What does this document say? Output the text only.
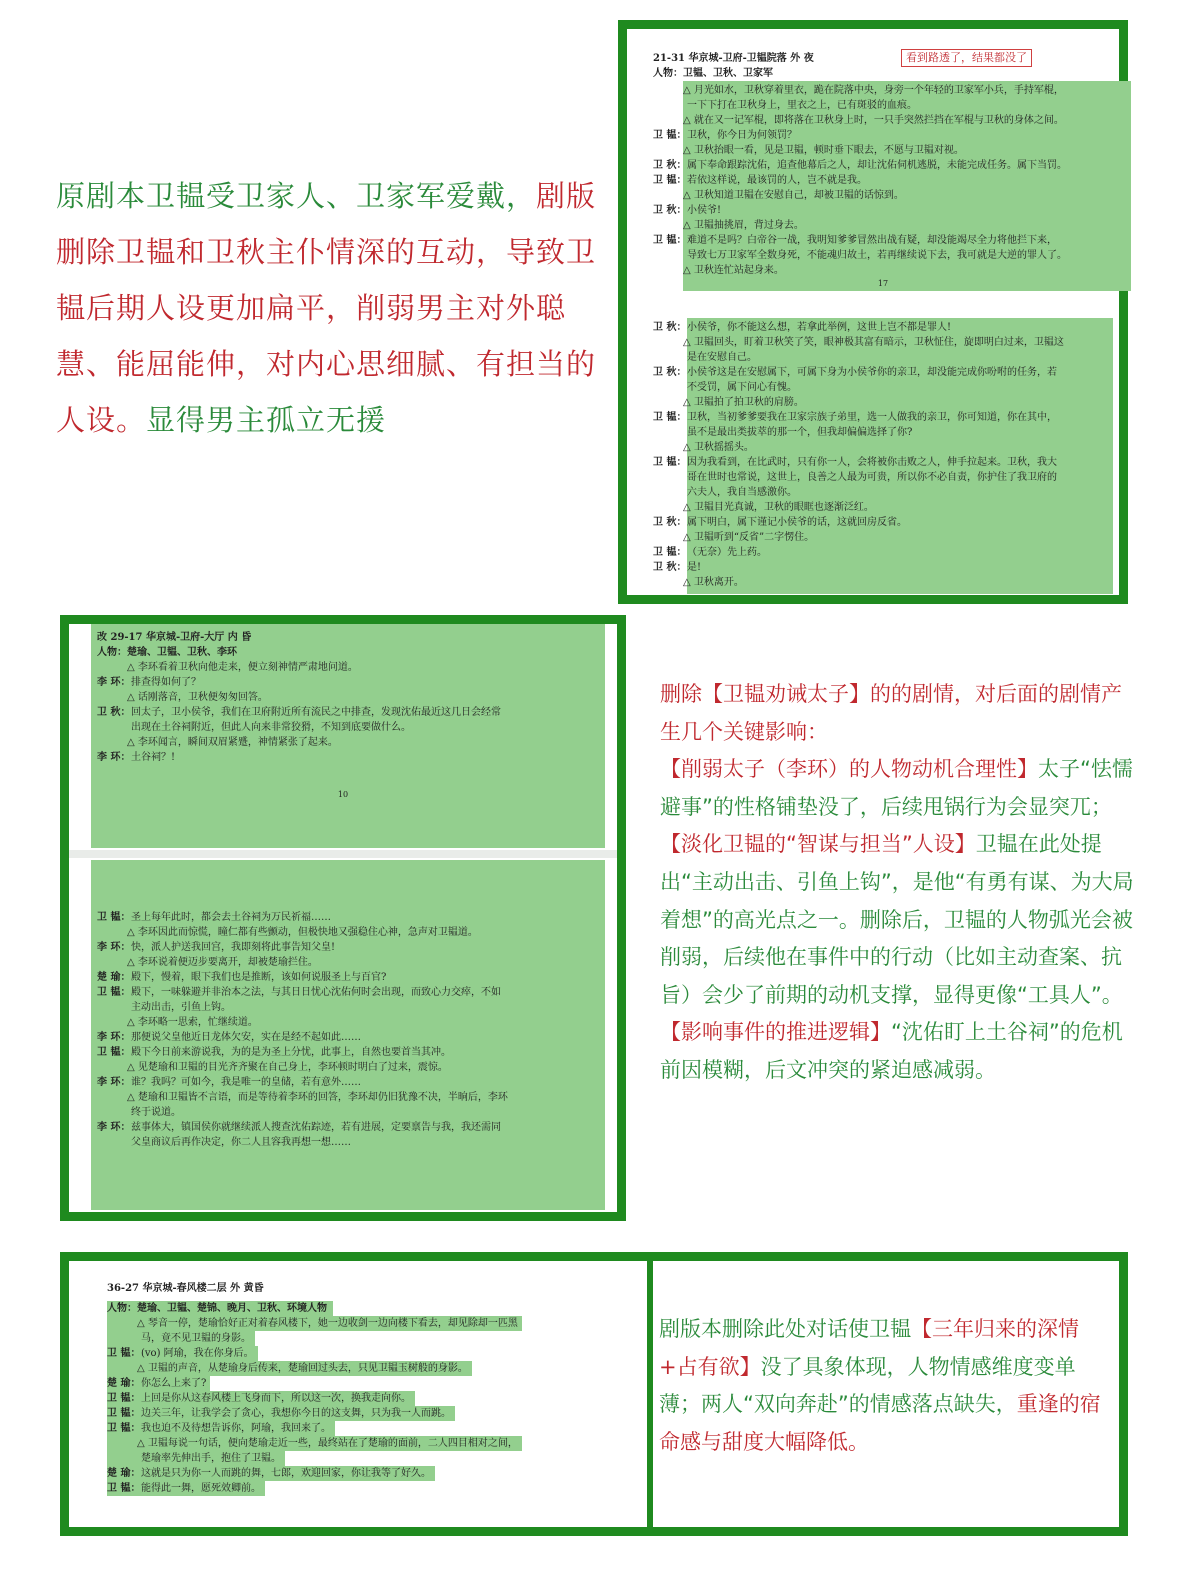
原剧本卫韫受卫家人、卫家军爱戴，剧版删除卫韫和卫秋主仆情深的互动，导致卫韫后期人设更加扁平，削弱男主对外聪慧、能屈能伸，对内心思细腻、有担当的人设。显得男主孤立无援
21-31 华京城-卫府-卫韫院落 外 夜
人物：卫韫、卫秋、卫家军
看到路透了，结果都没了
△ 月光如水，卫秋穿着里衣，跪在院落中央，身旁一个年轻的卫家军小兵，手持军棍，
一下下打在卫秋身上，里衣之上，已有斑驳的血痕。
△ 就在又一记军棍，即将落在卫秋身上时，一只手突然拦挡在军棍与卫秋的身体之间。
卫 韫：卫秋，你今日为何领罚？
△ 卫秋抬眼一看，见是卫韫，顿时垂下眼去，不愿与卫韫对视。
卫 秋：属下奉命跟踪沈佑，追查他幕后之人，却让沈佑伺机逃脱，未能完成任务。属下当罚。
卫 韫：若依这样说，最该罚的人，岂不就是我。
△ 卫秋知道卫韫在安慰自己，却被卫韫的话惊到。
卫 秋：小侯爷!
△ 卫韫抽挑眉，背过身去。
卫 韫：难道不是吗？白帝谷一战，我明知爹爹冒然出战有疑，却没能竭尽全力将他拦下来，
导致七万卫家军全数身死，不能魂归故土，若再继续说下去，我可就是大逆的罪人了。
△ 卫秋连忙站起身来。
17
卫 秋：小侯爷，你不能这么想，若拿此举例，这世上岂不都是罪人!
△ 卫韫回头，盯着卫秋笑了笑，眼神极其富有暗示，卫秋怔住，旋即明白过来，卫韫这
是在安慰自己。
卫 秋：小侯爷这是在安慰属下，可属下身为小侯爷你的亲卫，却没能完成你吩咐的任务，若
不受罚，属下问心有愧。
△ 卫韫拍了拍卫秋的肩膀。
卫 韫：卫秋，当初爹爹要我在卫家宗族子弟里，选一人做我的亲卫，你可知道，你在其中，
虽不是最出类拔萃的那一个，但我却偏偏选择了你?
△ 卫秋摇摇头。
卫 韫：因为我看到，在比武时，只有你一人，会将被你击败之人，伸手拉起来。卫秋，我大
哥在世时也常说，这世上，良善之人最为可贵，所以你不必自责，你护住了我卫府的
六夫人，我自当感激你。
△ 卫韫目光真诚，卫秋的眼眶也逐渐泛红。
卫 秋：属下明白，属下谨记小侯爷的话，这就回房反省。
△ 卫韫听到“反省”二字愣住。
卫 韫：（无奈）先上药。
卫 秋：是!
△ 卫秋离开。
改 29-17 华京城-卫府-大厅 内 昏
人物：楚瑜、卫韫、卫秋、李环
△ 李环看着卫秋向他走来，便立刻神情严肃地问道。
李 环：排查得如何了？
△ 话刚落音，卫秋便匆匆回答。
卫 秋：回太子，卫小侯爷，我们在卫府附近所有流民之中排查，发现沈佑最近这几日会经常
出现在土谷祠附近，但此人向来非常狡猾，不知到底要做什么。
△ 李环闻言，瞬间双眉紧蹙，神情紧张了起来。
李 环：土谷祠？!
10
卫 韫：圣上每年此时，都会去土谷祠为万民祈福……
△ 李环因此而惊慌，瞳仁都有些颤动，但极快地又强稳住心神，急声对卫韫道。
李 环：快，派人护送我回宫，我即刻将此事告知父皇!
△ 李环说着便迈步要离开，却被楚瑜拦住。
楚 瑜：殿下，慢着，眼下我们也是推断，该如何说服圣上与百官?
卫 韫：殿下，一味躲避并非治本之法，与其日日忧心沈佑何时会出现，而致心力交瘁，不如
主动出击，引鱼上钩。
△ 李环略一思索，忙继续道。
李 环：那便说父皇他近日龙体欠安，实在是经不起如此……
卫 韫：殿下今日前来游说我，为的是为圣上分忧，此事上，自然也要首当其冲。
△ 见楚瑜和卫韫的目光齐齐聚在自己身上，李环顿时明白了过来，震惊。
李 环：谁？我吗？可如今，我是唯一的皇储，若有意外……
△ 楚瑜和卫韫皆不言语，而是等待着李环的回答，李环却仍旧犹豫不决，半晌后，李环
终于说道。
李 环：兹事体大，镇国侯你就继续派人搜查沈佑踪迹，若有进展，定要禀告与我，我还需同
父皇商议后再作决定，你二人且容我再想一想……
删除【卫韫劝诫太子】的的剧情，对后面的剧情产生几个关键影响：
【削弱太子（李环）的人物动机合理性】太子“怯懦避事”的性格铺垫没了，后续甩锅行为会显突兀；
【淡化卫韫的“智谋与担当”人设】卫韫在此处提出“主动出击、引鱼上钩”，是他“有勇有谋、为大局着想”的高光点之一。删除后，卫韫的人物弧光会被削弱，后续他在事件中的行动（比如主动查案、抗旨）会少了前期的动机支撑，显得更像“工具人”。
【影响事件的推进逻辑】“沈佑盯上土谷祠”的危机前因模糊，后文冲突的紧迫感减弱。
36-27 华京城-春风楼二层 外 黄昏
人物：楚瑜、卫韫、楚锦、晚月、卫秋、环境人物
△ 琴音一停，楚瑜恰好正对着春风楼下，她一边收剑一边向楼下看去，却见除却一匹黑
马，竟不见卫韫的身影。
卫 韫：(vo) 阿瑜，我在你身后。
△ 卫韫的声音，从楚瑜身后传来，楚瑜回过头去，只见卫韫玉树般的身影。
楚 瑜：你怎么上来了?
卫 韫：上回是你从这春风楼上飞身而下，所以这一次，换我走向你。
卫 韫：边关三年，让我学会了贪心，我想你今日的这支舞，只为我一人而跳。
卫 韫：我也迫不及待想告诉你，阿瑜，我回来了。
△ 卫韫每说一句话，便向楚瑜走近一些，最终站在了楚瑜的面前，二人四目相对之间，
楚瑜率先伸出手，抱住了卫韫。
楚 瑜：这就是只为你一人而跳的舞，七郎，欢迎回家，你让我等了好久。
卫 韫：能得此一舞，愿死效卿前。
剧版本删除此处对话使卫韫【三年归来的深情+占有欲】没了具象体现，人物情感维度变单薄；两人“双向奔赴”的情感落点缺失，重逢的宿命感与甜度大幅降低。
